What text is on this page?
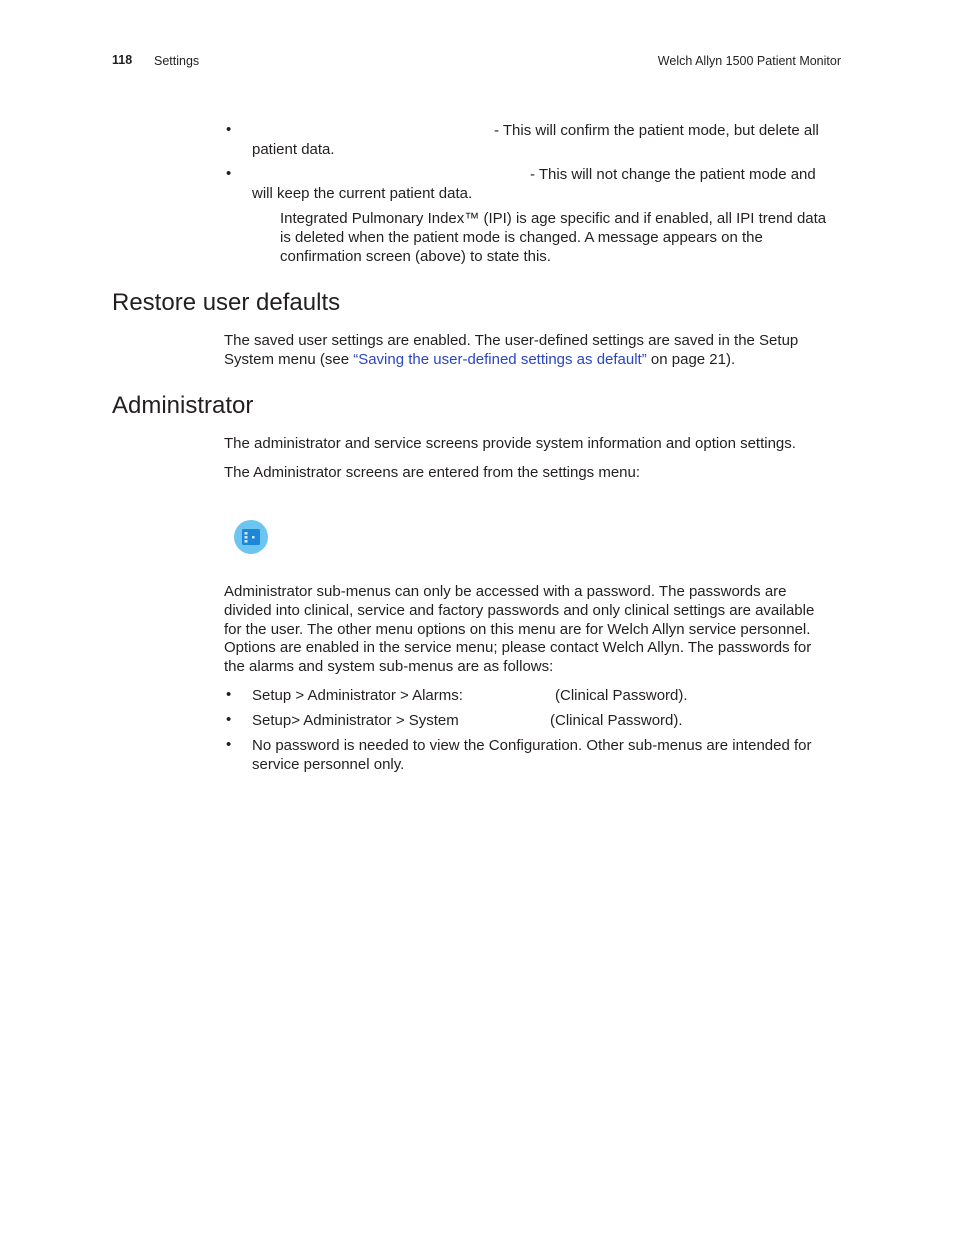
118 Settings	Welch Allyn 1500 Patient Monitor
•	- This will confirm the patient mode, but delete all
patient data.
•	- This will not change the patient mode and
will keep the current patient data.
Integrated Pulmonary Index™ (IPI) is age specific and if enabled, all IPI trend data
is deleted when the patient mode is changed. A message appears on the
confirmation screen (above) to state this.
Restore user defaults
The saved user settings are enabled. The user-defined settings are saved in the Setup
System menu (see “Saving the user-defined settings as default” on page 21).
Administrator
The administrator and service screens provide system information and option settings.
The Administrator screens are entered from the settings menu:
Administrator sub-menus can only be accessed with a password. The passwords are
divided into clinical, service and factory passwords and only clinical settings are available
for the user. The other menu options on this menu are for Welch Allyn service personnel.
Options are enabled in the service menu; please contact Welch Allyn. The passwords for
the alarms and system sub-menus are as follows:
• Setup > Administrator > Alarms:	(Clinical Password).
• Setup> Administrator > System	(Clinical Password).
• No password is needed to view the Configuration. Other sub-menus are intended for
service personnel only.
